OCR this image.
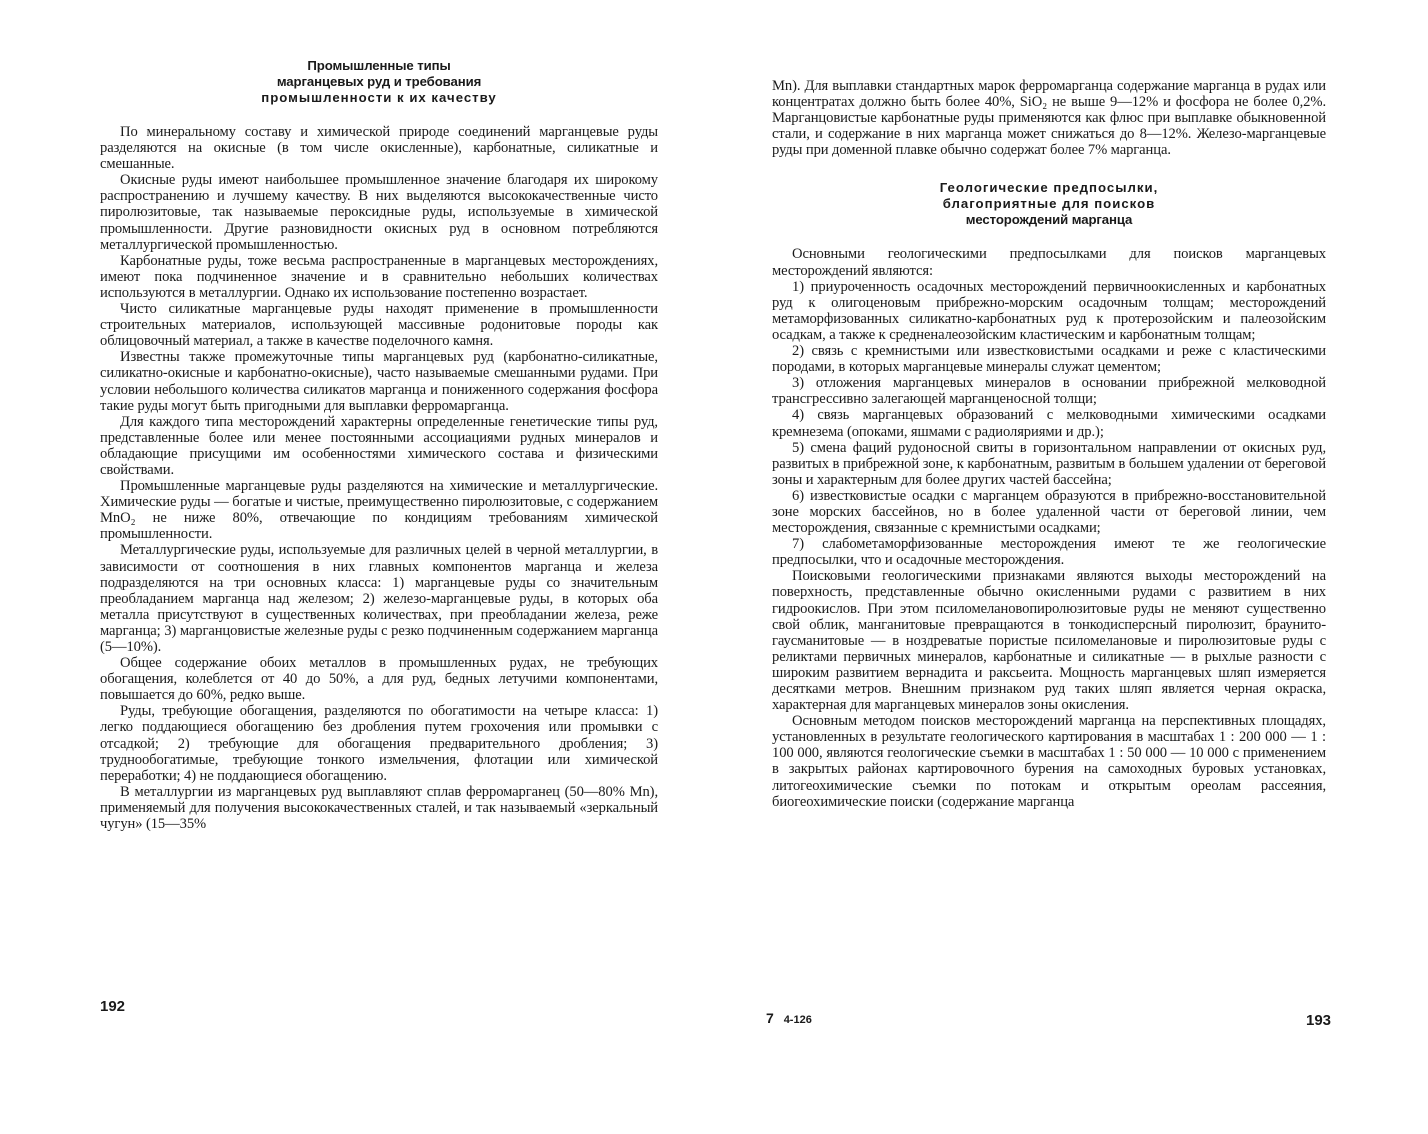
Промышленные типы
марганцевых руд и требования
промышленности к их качеству

По минеральному составу и химической природе соединений марганцевые руды разделяются на окисные (в том числе окисленные), карбонатные, силикатные и смешанные.

Окисные руды имеют наибольшее промышленное значение благодаря их широкому распространению и лучшему качеству. В них выделяются высококачественные чисто пиролюзитовые, так называемые пероксидные руды, используемые в химической промышленности. Другие разновидности окисных руд в основном потребляются металлургической промышленностью.

Карбонатные руды, тоже весьма распространенные в марганцевых месторождениях, имеют пока подчиненное значение и в сравнительно небольших количествах используются в металлургии. Однако их использование постепенно возрастает.

Чисто силикатные марганцевые руды находят применение в промышленности строительных материалов, использующей массивные родонитовые породы как облицовочный материал, а также в качестве поделочного камня.

Известны также промежуточные типы марганцевых руд (карбонатно-силикатные, силикатно-окисные и карбонатно-окисные), часто называемые смешанными рудами. При условии небольшого количества силикатов марганца и пониженного содержания фосфора такие руды могут быть пригодными для выплавки ферромарганца.

Для каждого типа месторождений характерны определенные генетические типы руд, представленные более или менее постоянными ассоциациями рудных минералов и обладающие присущими им особенностями химического состава и физическими свойствами.

Промышленные марганцевые руды разделяются на химические и металлургические. Химические руды — богатые и чистые, преимущественно пиролюзитовые, с содержанием MnO₂ не ниже 80%, отвечающие по кондициям требованиям химической промышленности.

Металлургические руды, используемые для различных целей в черной металлургии, в зависимости от соотношения в них главных компонентов марганца и железа подразделяются на три основных класса: 1) марганцевые руды со значительным преобладанием марганца над железом; 2) железо-марганцевые руды, в которых оба металла присутствуют в существенных количествах, при преобладании железа, реже марганца; 3) марганцовистые железные руды с резко подчиненным содержанием марганца (5—10%).

Общее содержание обоих металлов в промышленных рудах, не требующих обогащения, колеблется от 40 до 50%, а для руд, бедных летучими компонентами, повышается до 60%, редко выше.

Руды, требующие обогащения, разделяются по обогатимости на четыре класса: 1) легко поддающиеся обогащению без дробления путем грохочения или промывки с отсадкой; 2) требующие для обогащения предварительного дробления; 3) труднообогатимые, требующие тонкого измельчения, флотации или химической переработки; 4) не поддающиеся обогащению.

В металлургии из марганцевых руд выплавляют сплав ферромарганец (50—80% Mn), применяемый для получения высококачественных сталей, и так называемый «зеркальный чугун» (15—35%

192

Mn). Для выплавки стандартных марок ферромарганца содержание марганца в рудах или концентратах должно быть более 40%, SiO₂ не выше 9—12% и фосфора не более 0,2%. Марганцовистые карбонатные руды применяются как флюс при выплавке обыкновенной стали, и содержание в них марганца может снижаться до 8—12%. Железо-марганцевые руды при доменной плавке обычно содержат более 7% марганца.

Геологические предпосылки,
благоприятные для поисков
месторождений марганца

Основными геологическими предпосылками для поисков марганцевых месторождений являются:

1) приуроченность осадочных месторождений первичноокисленных и карбонатных руд к олигоценовым прибрежно-морским осадочным толщам; месторождений метаморфизованных силикатно-карбонатных руд к протерозойским и палеозойским осадкам, а также к средненалеозойским кластическим и карбонатным толщам;

2) связь с кремнистыми или известковистыми осадками и реже с кластическими породами, в которых марганцевые минералы служат цементом;

3) отложения марганцевых минералов в основании прибрежной мелководной трансгрессивно залегающей марганценосной толщи;

4) связь марганцевых образований с мелководными химическими осадками кремнезема (опоками, яшмами с радиоляриями и др.);

5) смена фаций рудоносной свиты в горизонтальном направлении от окисных руд, развитых в прибрежной зоне, к карбонатным, развитым в большем удалении от береговой зоны и характерным для более других частей бассейна;

6) известковистые осадки с марганцем образуются в прибрежно-восстановительной зоне морских бассейнов, но в более удаленной части от береговой линии, чем месторождения, связанные с кремнистыми осадками;

7) слабометаморфизованные месторождения имеют те же геологические предпосылки, что и осадочные месторождения.

Поисковыми геологическими признаками являются выходы месторождений на поверхность, представленные обычно окисленными рудами с развитием в них гидроокислов. При этом псиломелановопиролюзитовые руды не меняют существенно свой облик, манганитовые превращаются в тонкодисперсный пиролюзит, браунито-гаусманитовые — в ноздреватые пористые псиломелановые и пиролюзитовые руды с реликтами первичных минералов, карбонатные и силикатные — в рыхлые разности с широким развитием вернадита и раксьеита. Мощность марганцевых шляп измеряется десятками метров. Внешним признаком руд таких шляп является черная окраска, характерная для марганцевых минералов зоны окисления.

Основным методом поисков месторождений марганца на перспективных площадях, установленных в результате геологического картирования в масштабах 1 : 200 000 — 1 : 100 000, являются геологические съемки в масштабах 1 : 50 000 — 10 000 с применением в закрытых районах картировочного бурения на самоходных буровых установках, литогеохимические съемки по потокам и открытым ореолам рассеяния, биогеохимические поиски (содержание марганца

7 4-126	193
